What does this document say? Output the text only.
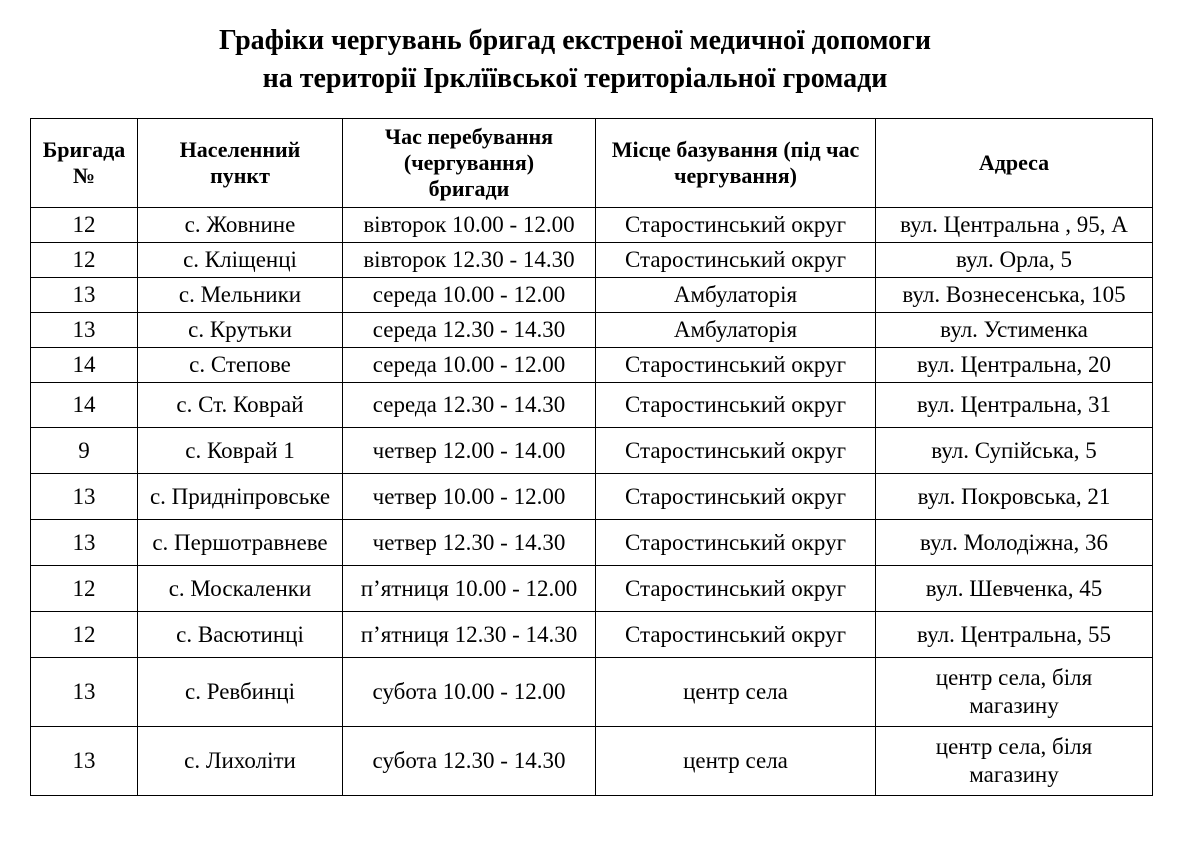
Графіки чергувань бригад екстреної медичної допомоги
на території Ірклїївської територіальної громади
Бригада №	Населенний пункт	Час перебування (чергування) бригади	Місце базування (під час чергування)	Адреса
12	с. Жовнине	вівторок 10.00 - 12.00	Старостинський округ	вул. Центральна , 95, А
12	с. Кліщенці	вівторок 12.30 - 14.30	Старостинський округ	вул. Орла, 5
13	с. Мельники	середа 10.00 - 12.00	Амбулаторія	вул. Вознесенська, 105
13	с. Крутьки	середа 12.30 - 14.30	Амбулаторія	вул. Устименка
14	с. Степове	середа 10.00 - 12.00	Старостинський округ	вул. Центральна, 20
14	с. Ст. Коврай	середа 12.30 - 14.30	Старостинський округ	вул. Центральна, 31
9	с. Коврай 1	четвер 12.00 - 14.00	Старостинський округ	вул. Супійська, 5
13	с. Придніпровське	четвер 10.00 - 12.00	Старостинський округ	вул. Покровська, 21
13	с. Першотравневе	четвер 12.30 - 14.30	Старостинський округ	вул. Молодіжна, 36
12	с. Москаленки	п’ятниця 10.00 - 12.00	Старостинський округ	вул. Шевченка, 45
12	с. Васютинці	п’ятниця 12.30 - 14.30	Старостинський округ	вул. Центральна, 55
13	с. Ревбинці	субота 10.00 - 12.00	центр села	центр села, біля магазину
13	с. Лихоліти	субота 12.30 - 14.30	центр села	центр села, біля магазину
